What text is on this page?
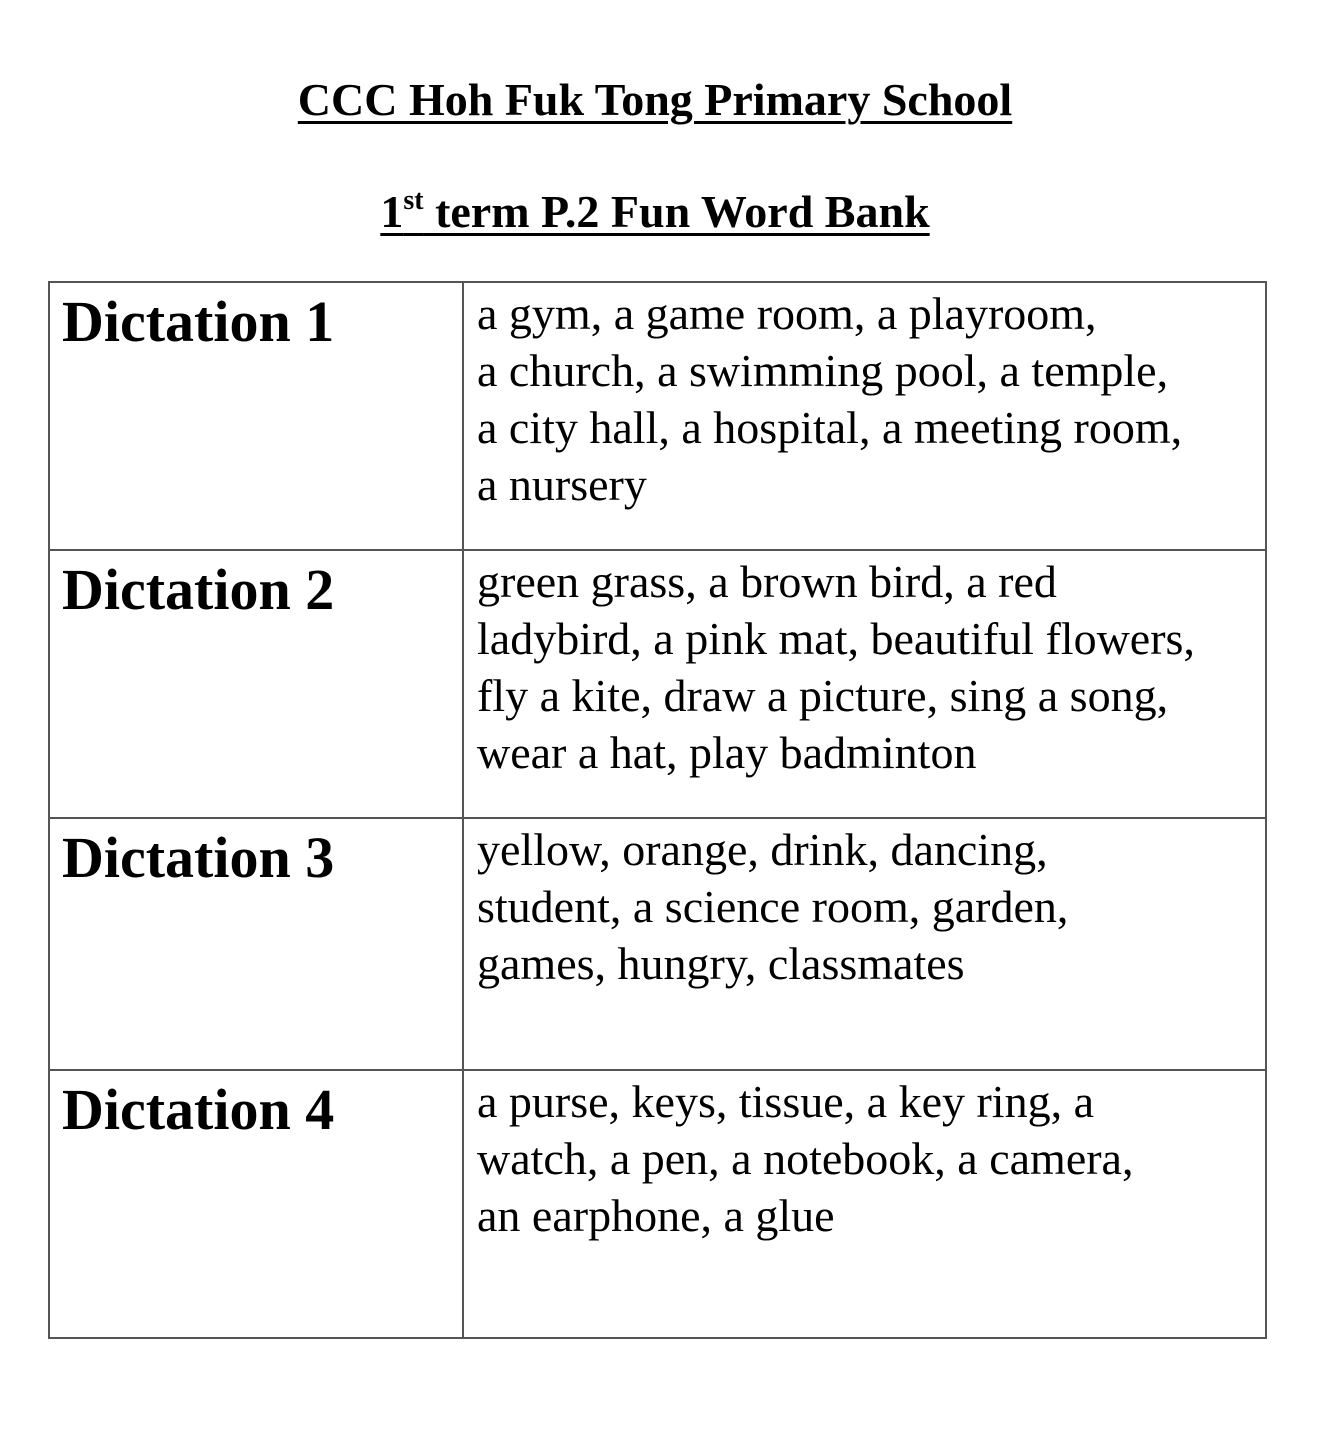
CCC Hoh Fuk Tong Primary School
1st term P.2 Fun Word Bank
Dictation 1	a gym, a game room, a playroom,
a church, a swimming pool, a temple,
a city hall, a hospital, a meeting room,
a nursery

Dictation 2	green grass, a brown bird, a red
ladybird, a pink mat, beautiful flowers,
fly a kite, draw a picture, sing a song,
wear a hat, play badminton

Dictation 3	yellow, orange, drink, dancing,
student, a science room, garden,
games, hungry, classmates

Dictation 4	a purse, keys, tissue, a key ring, a
watch, a pen, a notebook, a camera,
an earphone, a glue
